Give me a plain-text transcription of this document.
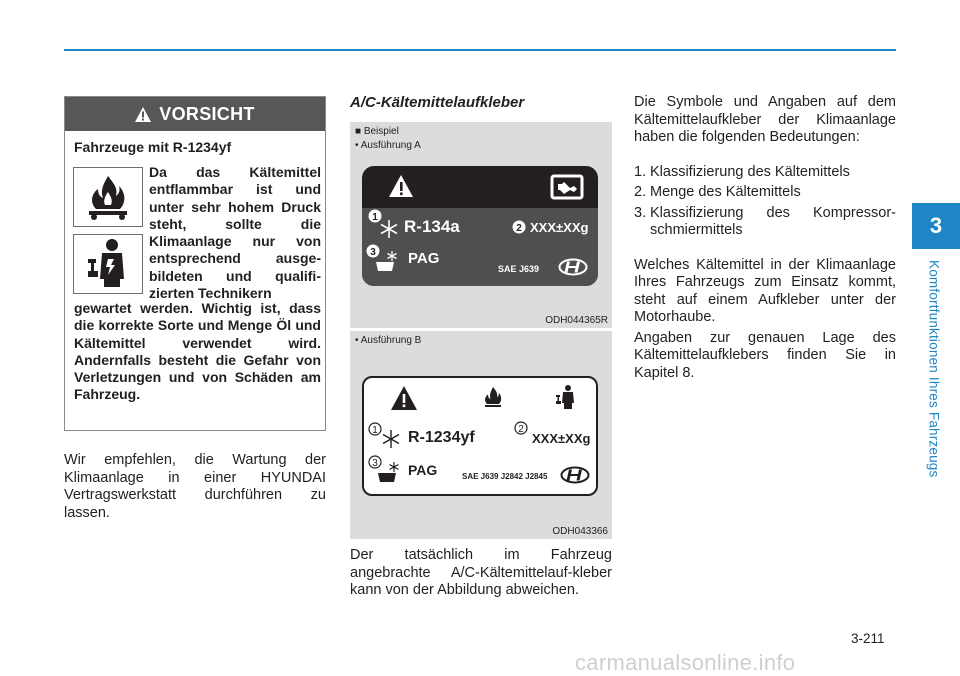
3
Komfortfunktionen Ihres Fahrzeugs
VORSICHT
Fahrzeuge mit R-1234yf
Da das Kältemittel entflammbar ist und unter sehr hohem Druck steht, sollte die Klimaanlage nur von entsprechend ausge-bildeten und qualifi-zierten Technikern
gewartet werden. Wichtig ist, dass die korrekte Sorte und Menge Öl und Kältemittel verwendet wird. Andernfalls besteht die Gefahr von Verletzungen und von Schäden am Fahrzeug.
Wir empfehlen, die Wartung der Klimaanlage in einer HYUNDAI Vertragswerkstatt durchführen zu lassen.
A/C-Kältemittelaufkleber
■ Beispiel
• Ausführung A
1 R-134a	2 XXX±XXg
3 PAG
SAE J639
ODH044365R
• Ausführung B
1 R-1234yf	2
XXX±XXg
3 PAG	SAE J639 J2842 J2845
ODH043366
Der tatsächlich im Fahrzeug angebrachte A/C-Kältemittelauf-kleber kann von der Abbildung abweichen.

Die Symbole und Angaben auf dem Kältemittelaufkleber der Klimaanlage haben die folgenden Bedeutungen:

1. Klassifizierung des Kältemittels
2. Menge des Kältemittels
3. Klassifizierung des Kompressor-schmiermittels

Welches Kältemittel in der Klimaanlage Ihres Fahrzeugs zum Einsatz kommt, steht auf einem Aufkleber unter der Motorhaube.

Angaben zur genauen Lage des Kältemittelaufklebers finden Sie in Kapitel 8.

3-211
carmanualsonline.info
